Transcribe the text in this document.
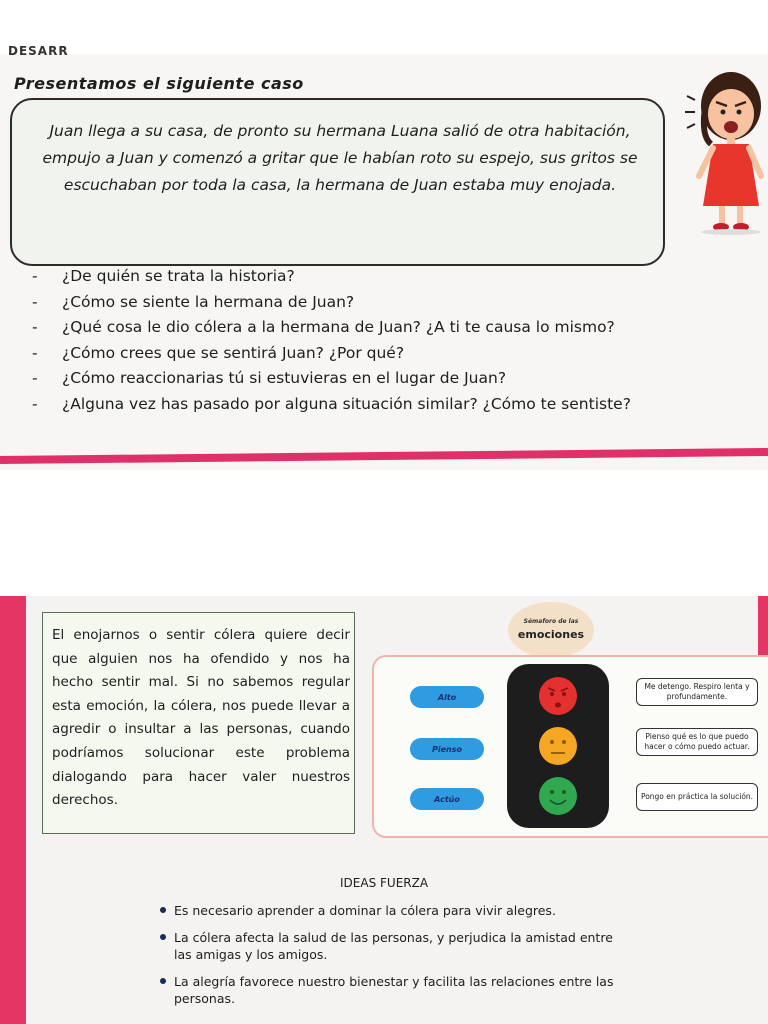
DESARR
Presentamos el siguiente caso
Juan llega a su casa, de pronto su hermana Luana salió de otra habitación, empujo a Juan y comenzó a gritar que le habían roto su espejo, sus gritos se escuchaban por toda la casa, la hermana de Juan estaba muy enojada.
- ¿De quién se trata la historia?
- ¿Cómo se siente la hermana de Juan?
- ¿Qué cosa le dio cólera a la hermana de Juan? ¿A ti te causa lo mismo?
- ¿Cómo crees que se sentirá Juan? ¿Por qué?
- ¿Cómo reaccionarias tú si estuvieras en el lugar de Juan?
- ¿Alguna vez has pasado por alguna situación similar? ¿Cómo te sentiste?
El enojarnos o sentir cólera quiere decir que alguien nos ha ofendido y nos ha hecho sentir mal. Si no sabemos regular esta emoción, la cólera, nos puede llevar a agredir o insultar a las personas, cuando podríamos solucionar este problema dialogando para hacer valer nuestros derechos.
Sémaforo de las
emociones
Alto
Pienso
Actúo
Me detengo. Respiro lenta y profundamente.
Pienso qué es lo que puedo hacer o cómo puedo actuar.
Pongo en práctica la solución.
IDEAS FUERZA
Es necesario aprender a dominar la cólera para vivir alegres.
La cólera afecta la salud de las personas, y perjudica la amistad entre las amigas y los amigos.
La alegría favorece nuestro bienestar y facilita las relaciones entre las personas.
